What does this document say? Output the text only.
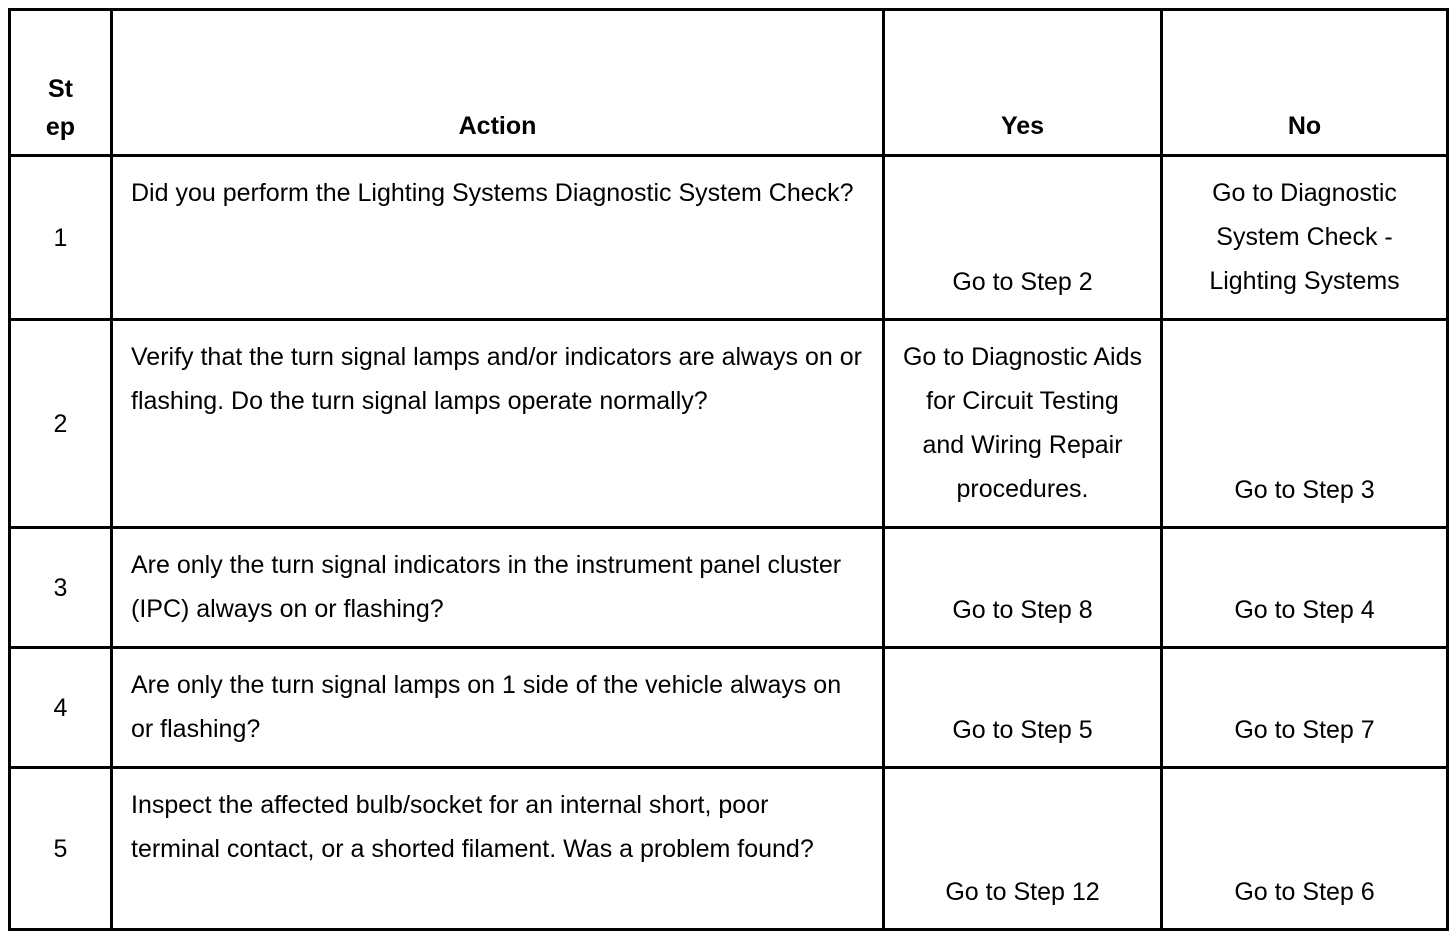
St ep	Action	Yes	No
1	Did you perform the Lighting Systems Diagnostic System Check?	Go to Step 2	Go to Diagnostic System Check - Lighting Systems

2	Verify that the turn signal lamps and/or indicators are always on or flashing. Do the turn signal lamps operate normally?	Go to Diagnostic Aids for Circuit Testing and Wiring Repair procedures.	Go to Step 3
3	Are only the turn signal indicators in the instrument panel cluster (IPC) always on or flashing?	Go to Step 8	Go to Step 4
4	Are only the turn signal lamps on 1 side of the vehicle always on or flashing?	Go to Step 5	Go to Step 7
5	Inspect the affected bulb/socket for an internal short, poor terminal contact, or a shorted filament. Was a problem found?	Go to Step 12	Go to Step 6
